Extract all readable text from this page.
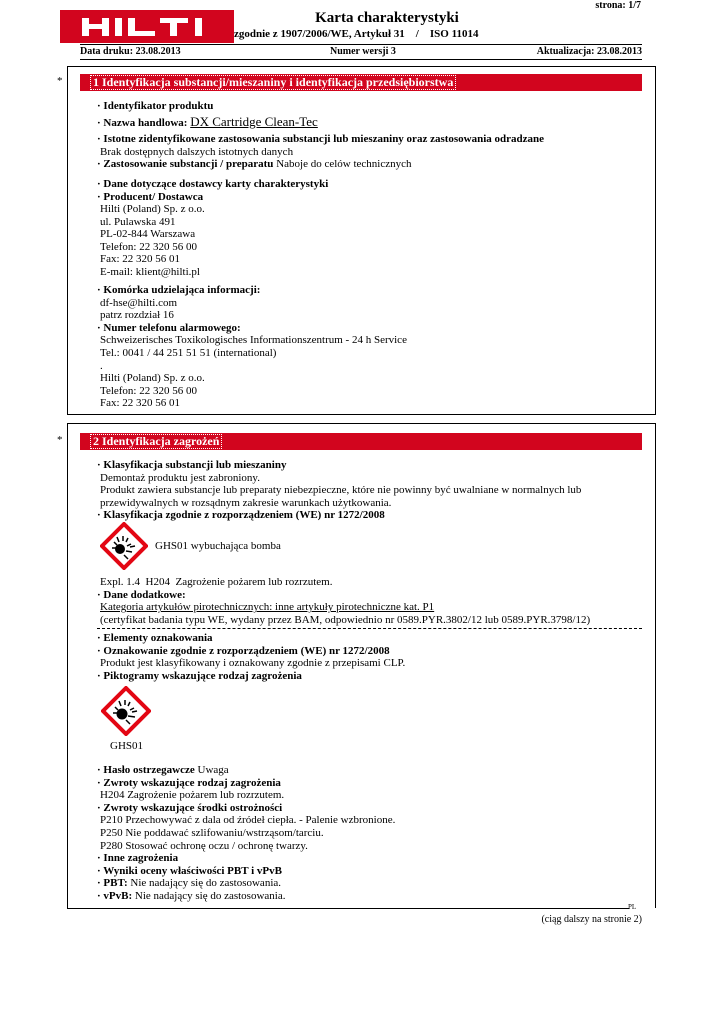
strona: 1/7
Karta charakterystyki
zgodnie z 1907/2006/WE, Artykuł 31    /    ISO 11014
Data druku: 23.08.2013	Numer wersji 3	Aktualizacja: 23.08.2013
*	1 Identyfikacja substancji/mieszaniny i identyfikacja przedsiębiorstwa
· Identyfikator produktu
· Nazwa handlowa: DX Cartridge Clean-Tec
· Istotne zidentyfikowane zastosowania substancji lub mieszaniny oraz zastosowania odradzane
Brak dostępnych dalszych istotnych danych
· Zastosowanie substancji / preparatu Naboje do celów technicznych
· Dane dotyczące dostawcy karty charakterystyki
· Producent/ Dostawca
Hilti (Poland) Sp. z o.o.
ul. Pulawska 491
PL-02-844 Warszawa
Telefon: 22 320 56 00
Fax: 22 320 56 01
E-mail: klient@hilti.pl
· Komórka udzielająca informacji:
df-hse@hilti.com
patrz rozdział 16
· Numer telefonu alarmowego:
Schweizerisches Toxikologisches Informationszentrum - 24 h Service
Tel.: 0041 / 44 251 51 51 (international)
.
Hilti (Poland) Sp. z o.o.
Telefon: 22 320 56 00
Fax: 22 320 56 01
*	2 Identyfikacja zagrożeń
· Klasyfikacja substancji lub mieszaniny
Demontaż produktu jest zabroniony.
Produkt zawiera substancje lub preparaty niebezpieczne, które nie powinny być uwalniane w normalnych lub
przewidywalnych w rozsądnym zakresie warunkach użytkowania.
· Klasyfikacja zgodnie z rozporządzeniem (WE) nr 1272/2008
GHS01 wybuchająca bomba
Expl. 1.4  H204  Zagrożenie pożarem lub rozrzutem.
· Dane dodatkowe:
Kategoria artykułów pirotechnicznych: inne artykuły pirotechniczne kat. P1
(certyfikat badania typu WE, wydany przez BAM, odpowiednio nr 0589.PYR.3802/12 lub 0589.PYR.3798/12)
· Elementy oznakowania
· Oznakowanie zgodnie z rozporządzeniem (WE) nr 1272/2008
Produkt jest klasyfikowany i oznakowany zgodnie z przepisami CLP.
· Piktogramy wskazujące rodzaj zagrożenia
GHS01
· Hasło ostrzegawcze Uwaga
· Zwroty wskazujące rodzaj zagrożenia
H204 Zagrożenie pożarem lub rozrzutem.
· Zwroty wskazujące środki ostrożności
P210 Przechowywać z dala od źródeł ciepła. - Palenie wzbronione.
P250 Nie poddawać szlifowaniu/wstrząsom/tarciu.
P280 Stosować ochronę oczu / ochronę twarzy.
· Inne zagrożenia
· Wyniki oceny właściwości PBT i vPvB
· PBT: Nie nadający się do zastosowania.
· vPvB: Nie nadający się do zastosowania.
PL
(ciąg dalszy na stronie 2)
